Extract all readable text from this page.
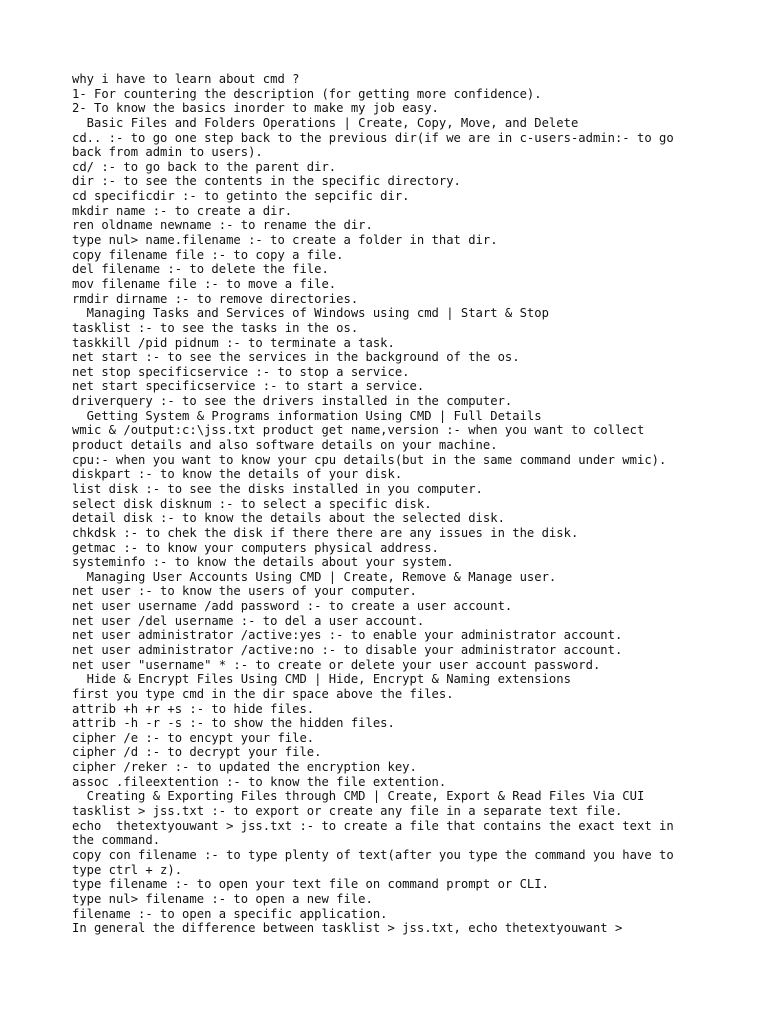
why i have to learn about cmd ?
1- For countering the description (for getting more confidence).
2- To know the basics inorder to make my job easy.
Basic Files and Folders Operations | Create, Copy, Move, and Delete
cd.. :- to go one step back to the previous dir(if we are in c-users-admin:- to go
back from admin to users).
cd/ :- to go back to the parent dir.
dir :- to see the contents in the specific directory.
cd specificdir :- to getinto the sepcific dir.
mkdir name :- to create a dir.
ren oldname newname :- to rename the dir.
type nul> name.filename :- to create a folder in that dir.
copy filename file :- to copy a file.
del filename :- to delete the file.
mov filename file :- to move a file.
rmdir dirname :- to remove directories.
Managing Tasks and Services of Windows using cmd | Start & Stop
tasklist :- to see the tasks in the os.
taskkill /pid pidnum :- to terminate a task.
net start :- to see the services in the background of the os.
net stop specificservice :- to stop a service.
net start specificservice :- to start a service.
driverquery :- to see the drivers installed in the computer.
Getting System & Programs information Using CMD | Full Details
wmic & /output:c:\jss.txt product get name,version :- when you want to collect
product details and also software details on your machine.
cpu:- when you want to know your cpu details(but in the same command under wmic).
diskpart :- to know the details of your disk.
list disk :- to see the disks installed in you computer.
select disk disknum :- to select a specific disk.
detail disk :- to know the details about the selected disk.
chkdsk :- to chek the disk if there there are any issues in the disk.
getmac :- to know your computers physical address.
systeminfo :- to know the details about your system.
Managing User Accounts Using CMD | Create, Remove & Manage user.
net user :- to know the users of your computer.
net user username /add password :- to create a user account.
net user /del username :- to del a user account.
net user administrator /active:yes :- to enable your administrator account.
net user administrator /active:no :- to disable your administrator account.
net user "username" * :- to create or delete your user account password.
Hide & Encrypt Files Using CMD | Hide, Encrypt & Naming extensions
first you type cmd in the dir space above the files.
attrib +h +r +s :- to hide files.
attrib -h -r -s :- to show the hidden files.
cipher /e :- to encypt your file.
cipher /d :- to decrypt your file.
cipher /reker :- to updated the encryption key.
assoc .fileextention :- to know the file extention.
Creating & Exporting Files through CMD | Create, Export & Read Files Via CUI
tasklist > jss.txt :- to export or create any file in a separate text file.
echo  thetextyouwant > jss.txt :- to create a file that contains the exact text in
the command.
copy con filename :- to type plenty of text(after you type the command you have to
type ctrl + z).
type filename :- to open your text file on command prompt or CLI.
type nul> filename :- to open a new file.
filename :- to open a specific application.
In general the difference between tasklist > jss.txt, echo thetextyouwant >
